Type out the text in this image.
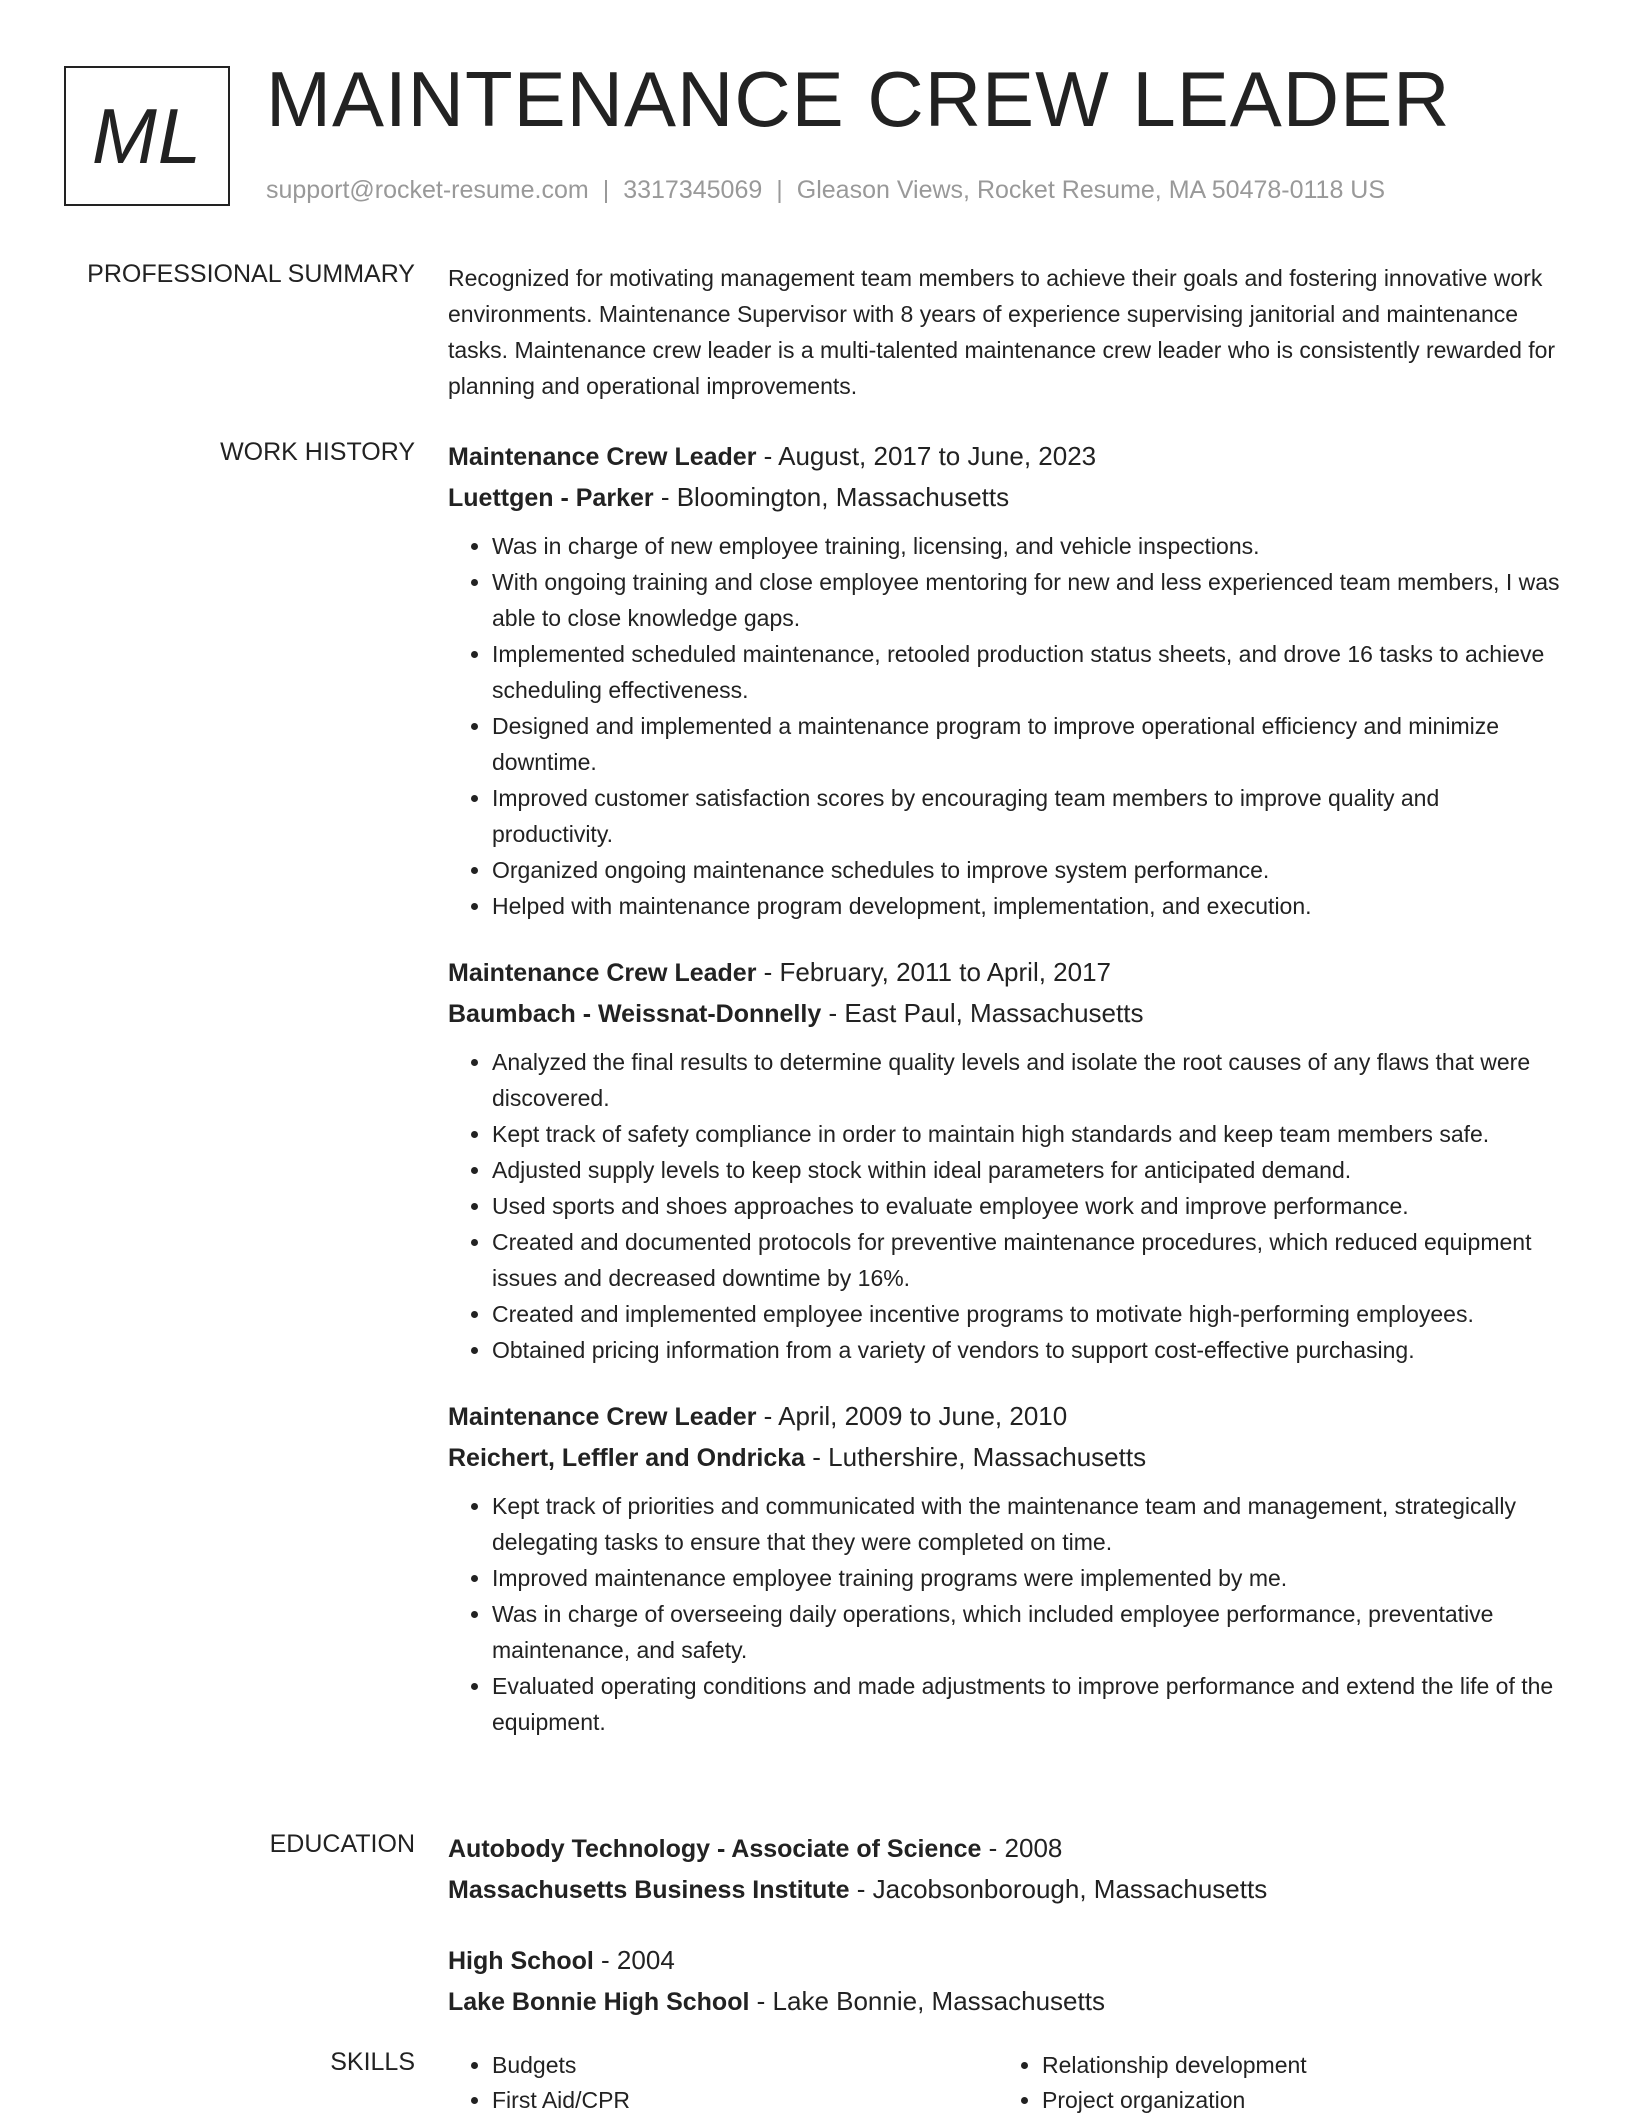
ML MAINTENANCE CREW LEADER
support@rocket-resume.com | 3317345069 | Gleason Views, Rocket Resume, MA 50478-0118 US
PROFESSIONAL SUMMARY Recognized for motivating management team members to achieve their goals and fostering innovative work environments. Maintenance Supervisor with 8 years of experience supervising janitorial and maintenance tasks. Maintenance crew leader is a multi-talented maintenance crew leader who is consistently rewarded for planning and operational improvements.

WORK HISTORY Maintenance Crew Leader - August, 2017 to June, 2023
Luettgen - Parker - Bloomington, Massachusetts
• Was in charge of new employee training, licensing, and vehicle inspections.
• With ongoing training and close employee mentoring for new and less experienced team members, I was able to close knowledge gaps.
• Implemented scheduled maintenance, retooled production status sheets, and drove 16 tasks to achieve scheduling effectiveness.
• Designed and implemented a maintenance program to improve operational efficiency and minimize downtime.
• Improved customer satisfaction scores by encouraging team members to improve quality and productivity.
• Organized ongoing maintenance schedules to improve system performance.
• Helped with maintenance program development, implementation, and execution.
Maintenance Crew Leader - February, 2011 to April, 2017
Baumbach - Weissnat-Donnelly - East Paul, Massachusetts
• Analyzed the final results to determine quality levels and isolate the root causes of any flaws that were discovered.
• Kept track of safety compliance in order to maintain high standards and keep team members safe.
• Adjusted supply levels to keep stock within ideal parameters for anticipated demand.
• Used sports and shoes approaches to evaluate employee work and improve performance.
• Created and documented protocols for preventive maintenance procedures, which reduced equipment issues and decreased downtime by 16%.
• Created and implemented employee incentive programs to motivate high-performing employees.
• Obtained pricing information from a variety of vendors to support cost-effective purchasing.
Maintenance Crew Leader - April, 2009 to June, 2010
Reichert, Leffler and Ondricka - Luthershire, Massachusetts
• Kept track of priorities and communicated with the maintenance team and management, strategically delegating tasks to ensure that they were completed on time.
• Improved maintenance employee training programs were implemented by me.
• Was in charge of overseeing daily operations, which included employee performance, preventative maintenance, and safety.
• Evaluated operating conditions and made adjustments to improve performance and extend the life of the equipment.
EDUCATION Autobody Technology - Associate of Science - 2008
Massachusetts Business Institute - Jacobsonborough, Massachusetts
High School - 2004
Lake Bonnie High School - Lake Bonnie, Massachusetts
SKILLS
•	Budgets
• First Aid/CPR
• Relationship development
• Project organization
